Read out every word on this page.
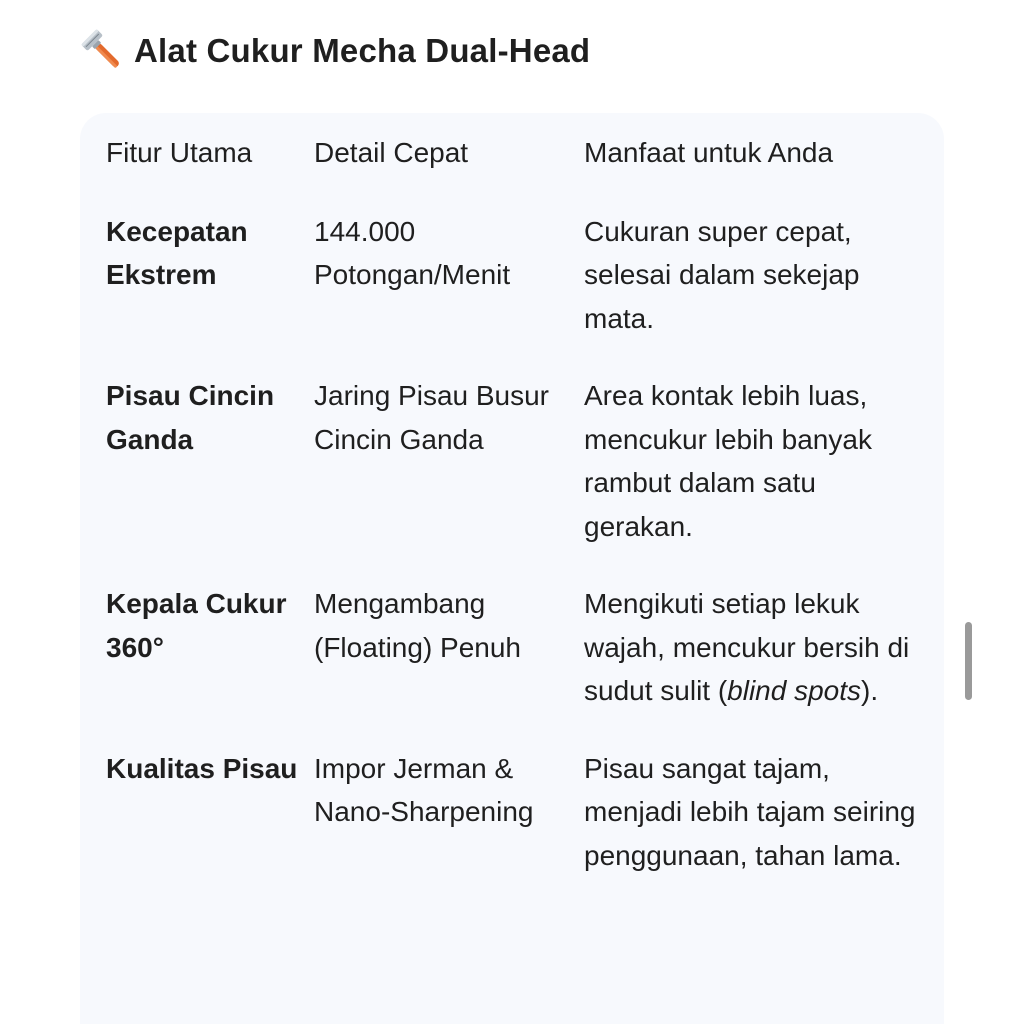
Alat Cukur Mecha Dual-Head
Fitur Utama	Detail Cepat	Manfaat untuk Anda
Kecepatan Ekstrem	144.000 Potongan/Menit	Cukuran super cepat, selesai dalam sekejap mata.
Pisau Cincin Ganda	Jaring Pisau Busur Cincin Ganda	Area kontak lebih luas, mencukur lebih banyak rambut dalam satu gerakan.
Kepala Cukur 360°	Mengambang (Floating) Penuh	Mengikuti setiap lekuk wajah, mencukur bersih di sudut sulit (blind spots).
Kualitas Pisau	Impor Jerman & Nano-Sharpening	Pisau sangat tajam, menjadi lebih tajam seiring penggunaan, tahan lama.
